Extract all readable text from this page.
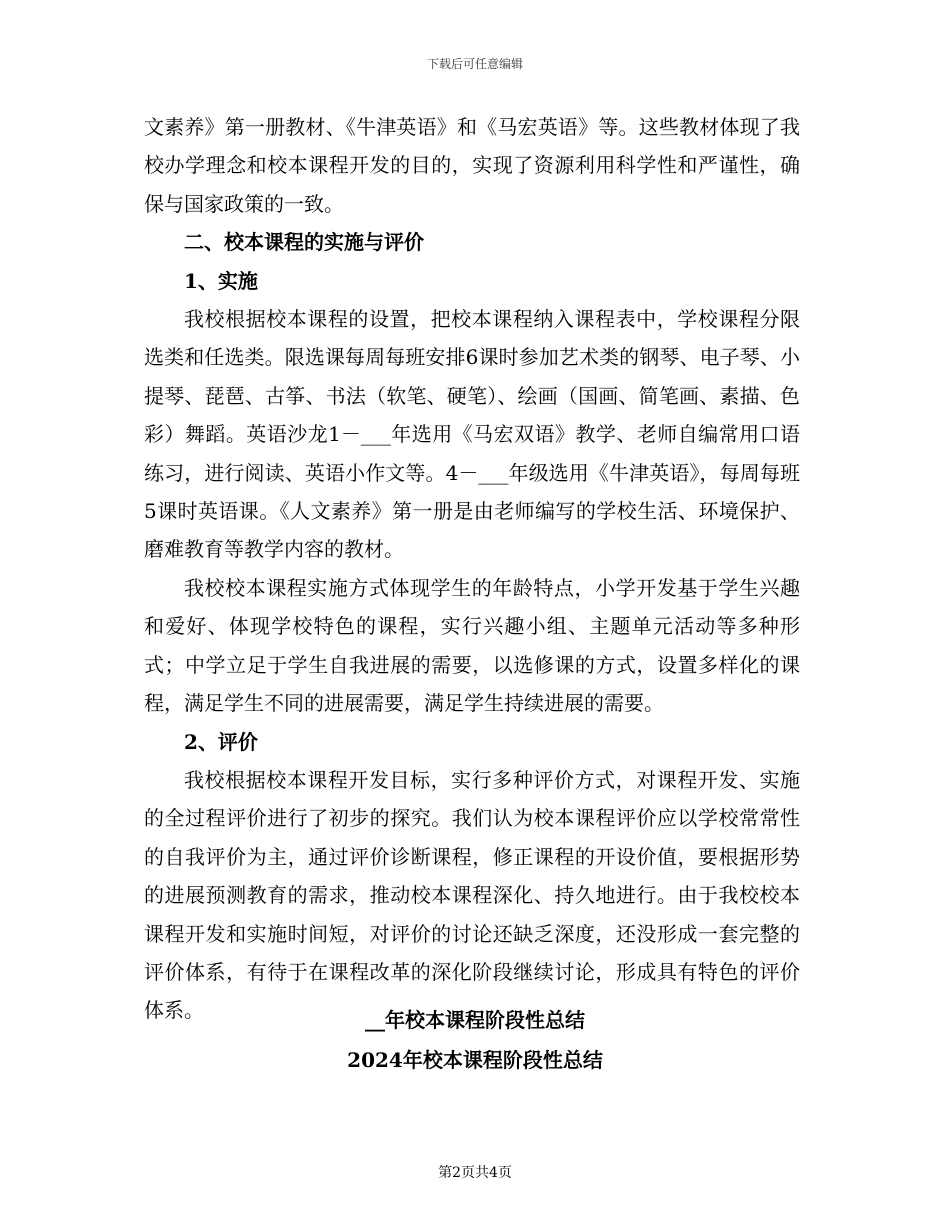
下载后可任意编辑

文素养》第一册教材、《牛津英语》和《马宏英语》等。这些教材体现了我校办学理念和校本课程开发的目的，实现了资源利用科学性和严谨性，确保与国家政策的一致。

二、校本课程的实施与评价
1、实施

我校根据校本课程的设置，把校本课程纳入课程表中，学校课程分限选类和任选类。限选课每周每班安排6课时参加艺术类的钢琴、电子琴、小提琴、琵琶、古筝、书法（软笔、硬笔）、绘画（国画、简笔画、素描、色彩）舞蹈。英语沙龙1－___年选用《马宏双语》教学、老师自编常用口语练习，进行阅读、英语小作文等。4－___年级选用《牛津英语》，每周每班5课时英语课。《人文素养》第一册是由老师编写的学校生活、环境保护、磨难教育等教学内容的教材。

我校校本课程实施方式体现学生的年龄特点，小学开发基于学生兴趣和爱好、体现学校特色的课程，实行兴趣小组、主题单元活动等多种形式；中学立足于学生自我进展的需要，以选修课的方式，设置多样化的课程，满足学生不同的进展需要，满足学生持续进展的需要。

2、评价

我校根据校本课程开发目标，实行多种评价方式，对课程开发、实施的全过程评价进行了初步的探究。我们认为校本课程评价应以学校常常性的自我评价为主，通过评价诊断课程，修正课程的开设价值，要根据形势的进展预测教育的需求，推动校本课程深化、持久地进行。由于我校校本课程开发和实施时间短，对评价的讨论还缺乏深度，还没形成一套完整的评价体系，有待于在课程改革的深化阶段继续讨论，形成具有特色的评价体系。	__年校本课程阶段性总结
2024年校本课程阶段性总结
第2页共4页
